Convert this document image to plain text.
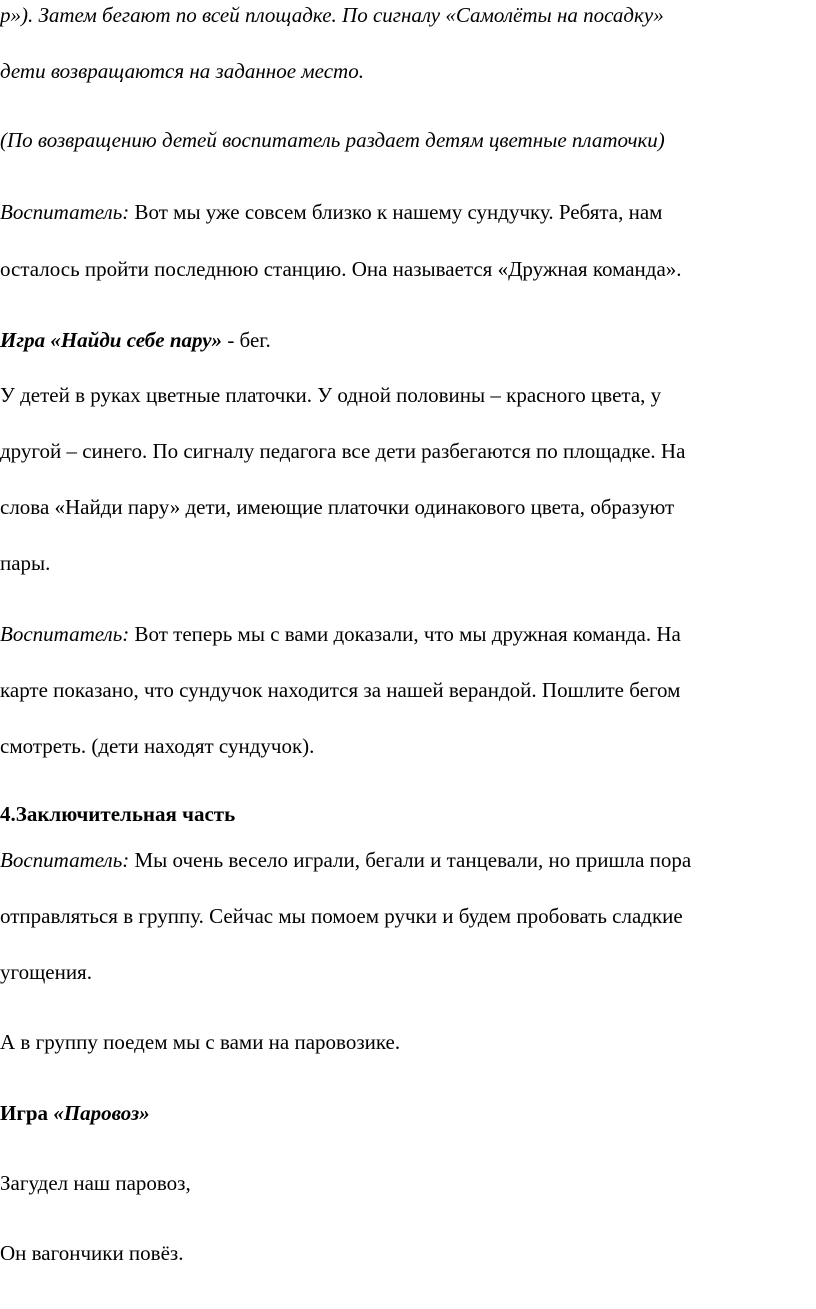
р»). Затем бегают по всей площадке. По сигналу «Самолёты на посадку»
дети возвращаются на заданное место.
(По возвращению детей воспитатель раздает детям цветные платочки)
Воспитатель: Вот мы уже совсем близко к нашему сундучку. Ребята, нам
осталось пройти последнюю станцию. Она называется «Дружная команда».
Игра «Найди себе пару» - бег.
У детей в руках цветные платочки. У одной половины – красного цвета, у
другой – синего. По сигналу педагога все дети разбегаются по площадке. На
слова «Найди пару» дети, имеющие платочки одинакового цвета, образуют
пары.
Воспитатель: Вот теперь мы с вами доказали, что мы дружная команда. На
карте показано, что сундучок находится за нашей верандой. Пошлите бегом
смотреть. (дети находят сундучок).
4.Заключительная часть
Воспитатель: Мы очень весело играли, бегали и танцевали, но пришла пора
отправляться в группу. Сейчас мы помоем ручки и будем пробовать сладкие
угощения.
А в группу поедем мы с вами на паровозике.
Игра «Паровоз»
Загудел наш паровоз,
Он вагончики повёз.
